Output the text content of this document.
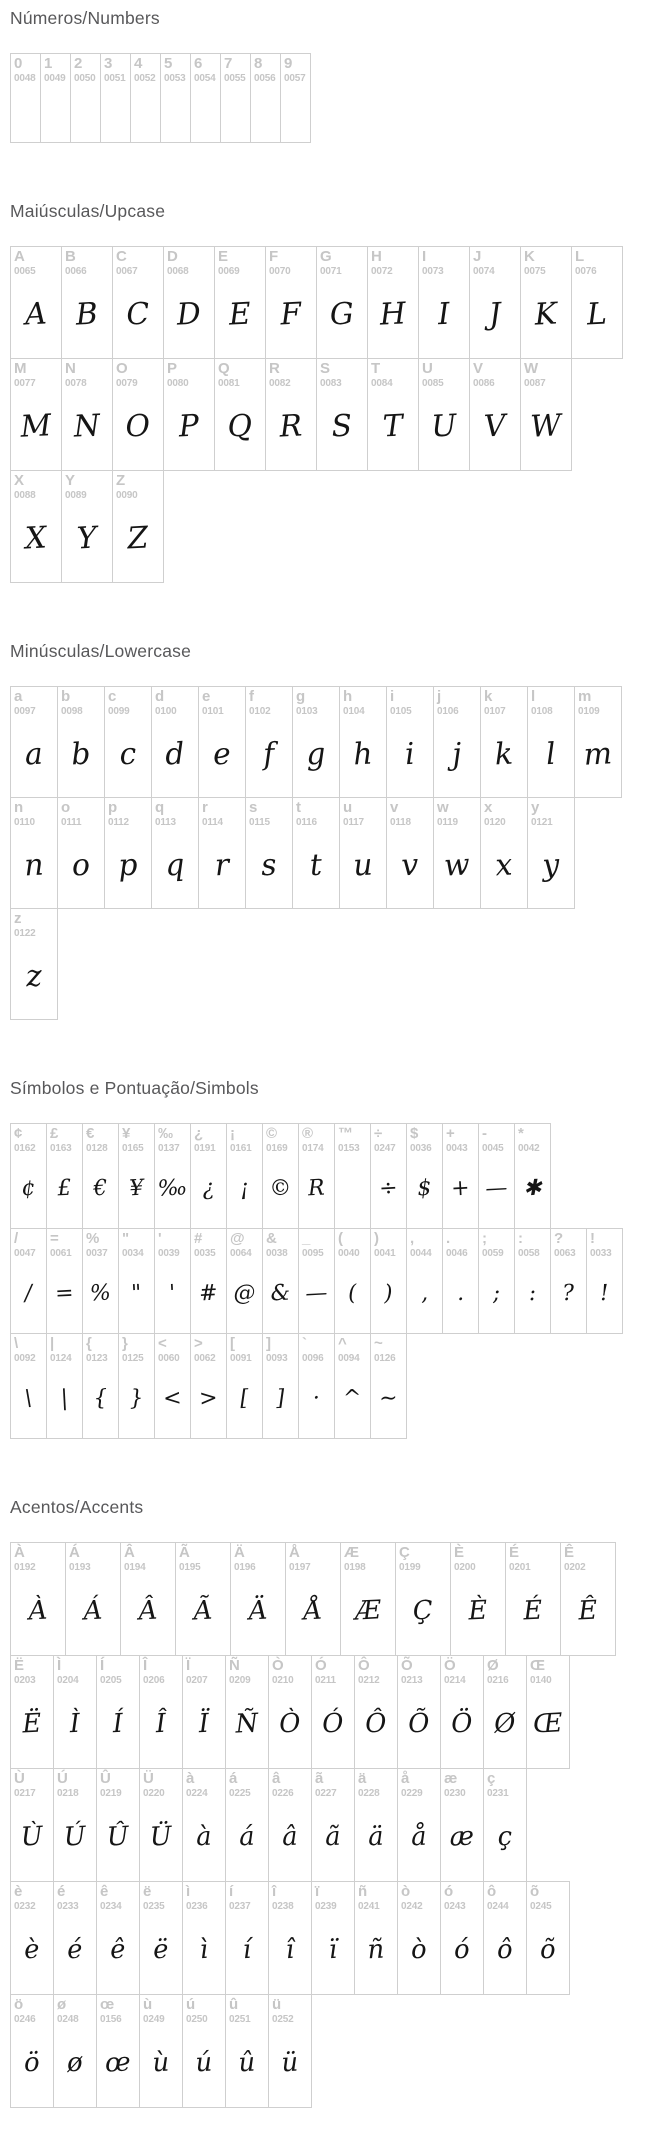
Números/Numbers
0
0048
1
0049
2
0050
3
0051
4
0052
5
0053
6
0054
7
0055
8
0056
9
0057
Maiúsculas/Upcase
A
0065
A
B
0066
B
C
0067
C
D
0068
D
E
0069
E
F
0070
F
G
0071
G
H
0072
H
I
0073
I
J
0074
J
K
0075
K
L
0076
L
M
0077
M
N
0078
N
O
0079
O
P
0080
P
Q
0081
Q
R
0082
R
S
0083
S
T
0084
T
U
0085
U
V
0086
V
W
0087
W
X
0088
X
Y
0089
Y
Z
0090
Z
Minúsculas/Lowercase
a
0097
a
b
0098
b
c
0099
c
d
0100
d
e
0101
e
f
0102
f
g
0103
g
h
0104
h
i
0105
i
j
0106
j
k
0107
k
l
0108
l
m
0109
m
n
0110
n
o
0111
o
p
0112
p
q
0113
q
r
0114
r
s
0115
s
t
0116
t
u
0117
u
v
0118
v
w
0119
w
x
0120
x
y
0121
y
z
0122
z
Símbolos e Pontuação/Simbols
¢
0162
¢
£
0163
£
€
0128
€
¥
0165
¥
‰
0137
‰
¿
0191
¿
¡
0161
¡
©
0169
©
®
0174
R
™
0153
÷
0247
÷
$
0036
$
+
0043
+
-
0045
—
*
0042
✱
/
0047
/
=
0061
=
%
0037
%
"
0034
"
'
0039
'
#
0035
#
@
0064
@
&
0038
&
_
0095
—
(
0040
(
)
0041
)
,
0044
,
.
0046
.
;
0059
;
:
0058
:
?
0063
?
!
0033
!
\
0092
\
|
0124
|
{
0123
{
}
0125
}
<
0060
<
>
0062
>
[
0091
[
]
0093
]
`
0096
·
^
0094
^
~
0126
~
Acentos/Accents
À
0192
À
Á
0193
Á
Â
0194
Â
Ã
0195
Ã
Ä
0196
Ä
Å
0197
Å
Æ
0198
Æ
Ç
0199
Ç
È
0200
È
É
0201
É
Ê
0202
Ê
Ë
0203
Ë
Ì
0204
Ì
Í
0205
Í
Î
0206
Î
Ï
0207
Ï
Ñ
0209
Ñ
Ò
0210
Ò
Ó
0211
Ó
Ô
0212
Ô
Õ
0213
Õ
Ö
0214
Ö
Ø
0216
Ø
Œ
0140
Œ
Ù
0217
Ù
Ú
0218
Ú
Û
0219
Û
Ü
0220
Ü
à
0224
à
á
0225
á
â
0226
â
ã
0227
ã
ä
0228
ä
å
0229
å
æ
0230
æ
ç
0231
ç
è
0232
è
é
0233
é
ê
0234
ê
ë
0235
ë
ì
0236
ì
í
0237
í
î
0238
î
ï
0239
ï
ñ
0241
ñ
ò
0242
ò
ó
0243
ó
ô
0244
ô
õ
0245
õ
ö
0246
ö
ø
0248
ø
œ
0156
œ
ù
0249
ù
ú
0250
ú
û
0251
û
ü
0252
ü
